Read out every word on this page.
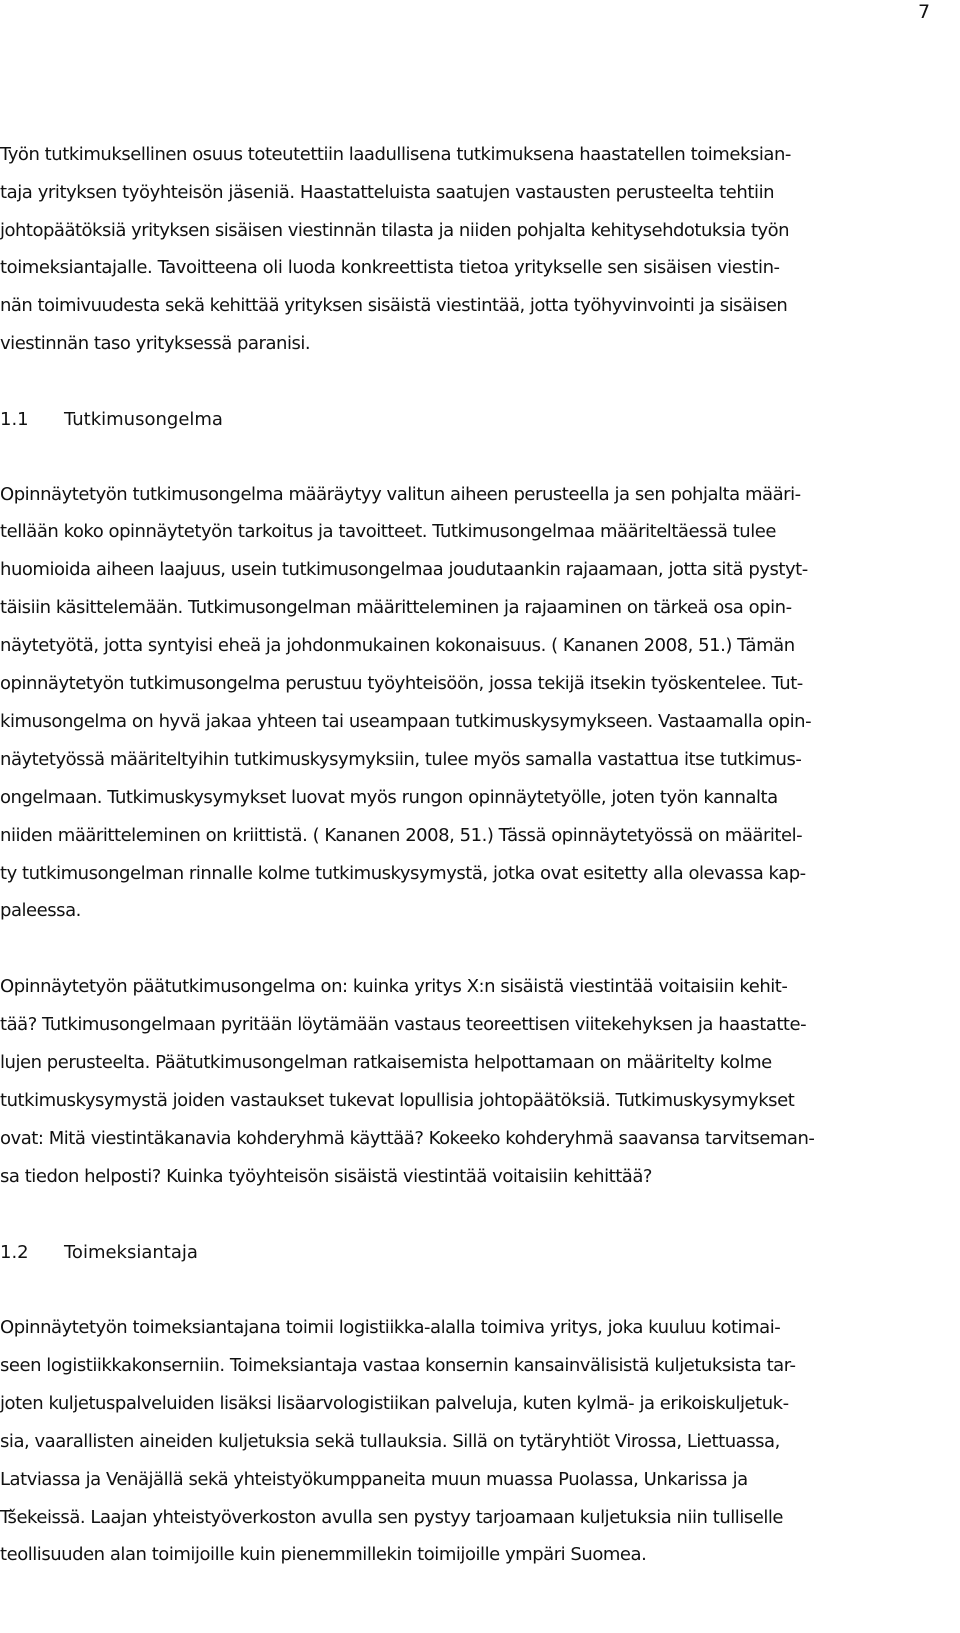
7
Työn tutkimuksellinen osuus toteutettiin laadullisena tutkimuksena haastatellen toimeksian-
taja yrityksen työyhteisön jäseniä. Haastatteluista saatujen vastausten perusteelta tehtiin
johtopäätöksiä yrityksen sisäisen viestinnän tilasta ja niiden pohjalta kehitysehdotuksia työn
toimeksiantajalle. Tavoitteena oli luoda konkreettista tietoa yritykselle sen sisäisen viestin-
nän toimivuudesta sekä kehittää yrityksen sisäistä viestintää, jotta työhyvinvointi ja sisäisen
viestinnän taso yrityksessä paranisi.
1.1 Tutkimusongelma
Opinnäytetyön tutkimusongelma määräytyy valitun aiheen perusteella ja sen pohjalta määri-
tellään koko opinnäytetyön tarkoitus ja tavoitteet. Tutkimusongelmaa määriteltäessä tulee
huomioida aiheen laajuus, usein tutkimusongelmaa joudutaankin rajaamaan, jotta sitä pystyt-
täisiin käsittelemään. Tutkimusongelman määritteleminen ja rajaaminen on tärkeä osa opin-
näytetyötä, jotta syntyisi eheä ja johdonmukainen kokonaisuus. ( Kananen 2008, 51.) Tämän
opinnäytetyön tutkimusongelma perustuu työyhteisöön, jossa tekijä itsekin työskentelee. Tut-
kimusongelma on hyvä jakaa yhteen tai useampaan tutkimuskysymykseen. Vastaamalla opin-
näytetyössä määriteltyihin tutkimuskysymyksiin, tulee myös samalla vastattua itse tutkimus-
ongelmaan. Tutkimuskysymykset luovat myös rungon opinnäytetyölle, joten työn kannalta
niiden määritteleminen on kriittistä. ( Kananen 2008, 51.) Tässä opinnäytetyössä on määritel-
ty tutkimusongelman rinnalle kolme tutkimuskysymystä, jotka ovat esitetty alla olevassa kap-
paleessa.
Opinnäytetyön päätutkimusongelma on: kuinka yritys X:n sisäistä viestintää voitaisiin kehit-
tää? Tutkimusongelmaan pyritään löytämään vastaus teoreettisen viitekehyksen ja haastatte-
lujen perusteelta. Päätutkimusongelman ratkaisemista helpottamaan on määritelty kolme
tutkimuskysymystä joiden vastaukset tukevat lopullisia johtopäätöksiä. Tutkimuskysymykset
ovat: Mitä viestintäkanavia kohderyhmä käyttää? Kokeeko kohderyhmä saavansa tarvitseman-
sa tiedon helposti? Kuinka työyhteisön sisäistä viestintää voitaisiin kehittää?
1.2 Toimeksiantaja
Opinnäytetyön toimeksiantajana toimii logistiikka-alalla toimiva yritys, joka kuuluu kotimai-
seen logistiikkakonserniin. Toimeksiantaja vastaa konsernin kansainvälisistä kuljetuksista tar-
joten kuljetuspalveluiden lisäksi lisäarvologistiikan palveluja, kuten kylmä- ja erikoiskuljetuk-
sia, vaarallisten aineiden kuljetuksia sekä tullauksia. Sillä on tytäryhtiöt Virossa, Liettuassa,
Latviassa ja Venäjällä sekä yhteistyökumppaneita muun muassa Puolassa, Unkarissa ja
Tšekeissä. Laajan yhteistyöverkoston avulla sen pystyy tarjoamaan kuljetuksia niin tulliselle
teollisuuden alan toimijoille kuin pienemmillekin toimijoille ympäri Suomea.
